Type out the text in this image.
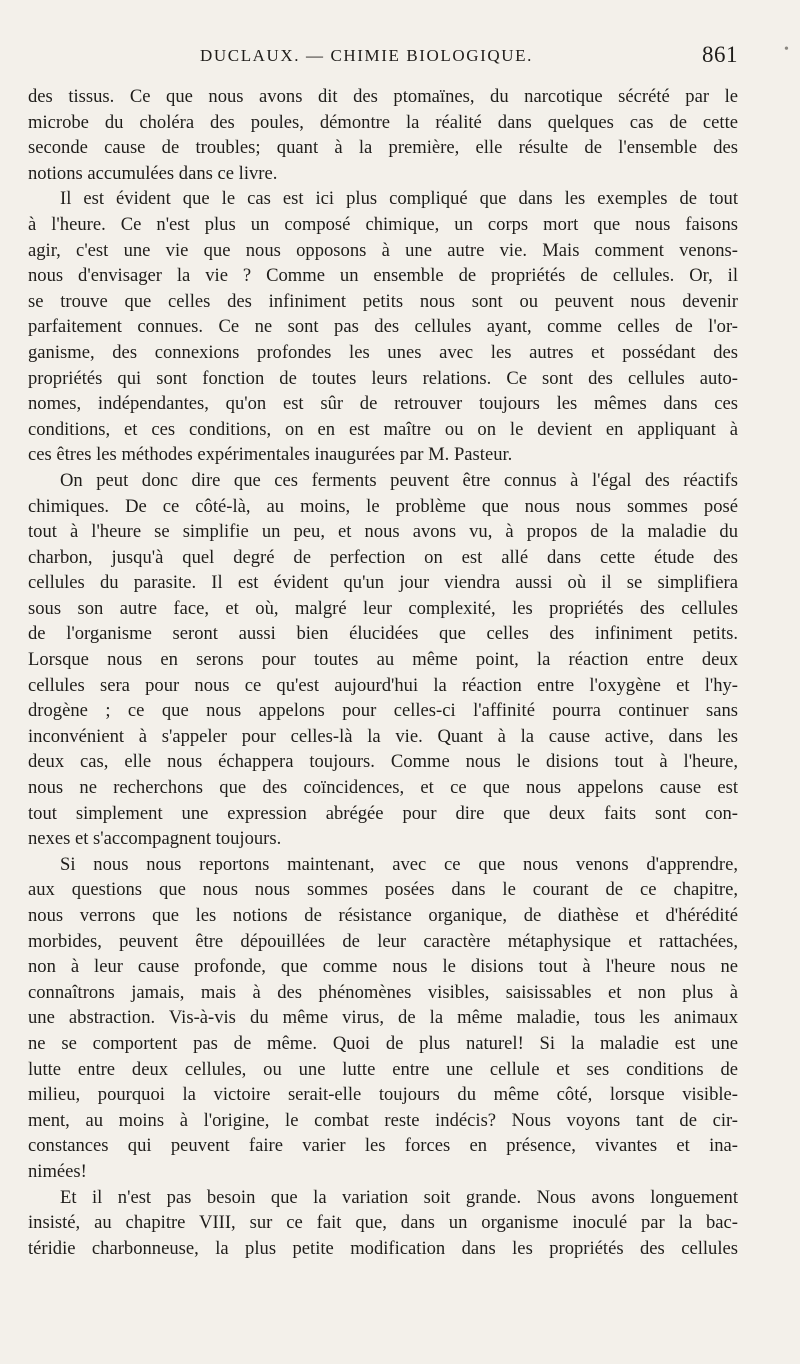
DUCLAUX. — CHIMIE BIOLOGIQUE.	861	•
des tissus. Ce que nous avons dit des ptomaïnes, du narcotique sécrété par le
microbe du choléra des poules, démontre la réalité dans quelques cas de cette
seconde cause de troubles; quant à la première, elle résulte de l'ensemble des
notions accumulées dans ce livre.
Il est évident que le cas est ici plus compliqué que dans les exemples de tout
à l'heure. Ce n'est plus un composé chimique, un corps mort que nous faisons
agir, c'est une vie que nous opposons à une autre vie. Mais comment venons-
nous d'envisager la vie ? Comme un ensemble de propriétés de cellules. Or, il
se trouve que celles des infiniment petits nous sont ou peuvent nous devenir
parfaitement connues. Ce ne sont pas des cellules ayant, comme celles de l'or-
ganisme, des connexions profondes les unes avec les autres et possédant des
propriétés qui sont fonction de toutes leurs relations. Ce sont des cellules auto-
nomes, indépendantes, qu'on est sûr de retrouver toujours les mêmes dans ces
conditions, et ces conditions, on en est maître ou on le devient en appliquant à
ces êtres les méthodes expérimentales inaugurées par M. Pasteur.
On peut donc dire que ces ferments peuvent être connus à l'égal des réactifs
chimiques. De ce côté-là, au moins, le problème que nous nous sommes posé
tout à l'heure se simplifie un peu, et nous avons vu, à propos de la maladie du
charbon, jusqu'à quel degré de perfection on est allé dans cette étude des
cellules du parasite. Il est évident qu'un jour viendra aussi où il se simplifiera
sous son autre face, et où, malgré leur complexité, les propriétés des cellules
de l'organisme seront aussi bien élucidées que celles des infiniment petits.
Lorsque nous en serons pour toutes au même point, la réaction entre deux
cellules sera pour nous ce qu'est aujourd'hui la réaction entre l'oxygène et l'hy-
drogène ; ce que nous appelons pour celles-ci l'affinité pourra continuer sans
inconvénient à s'appeler pour celles-là la vie. Quant à la cause active, dans les
deux cas, elle nous échappera toujours. Comme nous le disions tout à l'heure,
nous ne recherchons que des coïncidences, et ce que nous appelons cause est
tout simplement une expression abrégée pour dire que deux faits sont con-
nexes et s'accompagnent toujours.
Si nous nous reportons maintenant, avec ce que nous venons d'apprendre,
aux questions que nous nous sommes posées dans le courant de ce chapitre,
nous verrons que les notions de résistance organique, de diathèse et d'hérédité
morbides, peuvent être dépouillées de leur caractère métaphysique et rattachées,
non à leur cause profonde, que comme nous le disions tout à l'heure nous ne
connaîtrons jamais, mais à des phénomènes visibles, saisissables et non plus à
une abstraction. Vis-à-vis du même virus, de la même maladie, tous les animaux
ne se comportent pas de même. Quoi de plus naturel! Si la maladie est une
lutte entre deux cellules, ou une lutte entre une cellule et ses conditions de
milieu, pourquoi la victoire serait-elle toujours du même côté, lorsque visible-
ment, au moins à l'origine, le combat reste indécis? Nous voyons tant de cir-
constances qui peuvent faire varier les forces en présence, vivantes et ina-
nimées!
Et il n'est pas besoin que la variation soit grande. Nous avons longuement
insisté, au chapitre VIII, sur ce fait que, dans un organisme inoculé par la bac-
téridie charbonneuse, la plus petite modification dans les propriétés des cellules
